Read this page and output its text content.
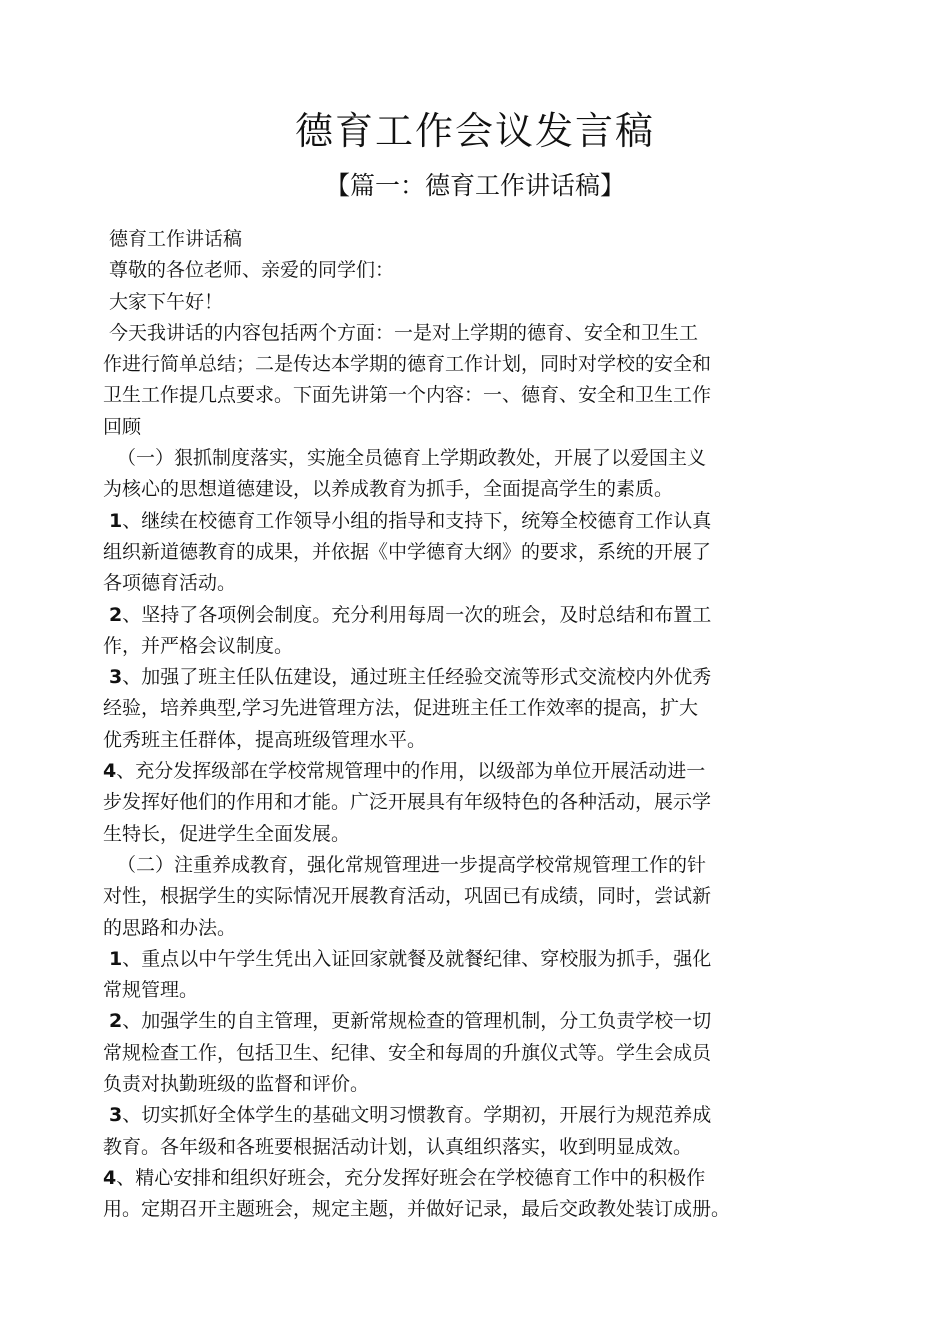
德育工作会议发言稿
【篇一：德育工作讲话稿】
德育工作讲话稿
尊敬的各位老师、亲爱的同学们：
大家下午好！
今天我讲话的内容包括两个方面：一是对上学期的德育、安全和卫生工
作进行简单总结；二是传达本学期的德育工作计划，同时对学校的安全和
卫生工作提几点要求。下面先讲第一个内容：一、德育、安全和卫生工作
回顾
（一）狠抓制度落实，实施全员德育上学期政教处，开展了以爱国主义
为核心的思想道德建设，以养成教育为抓手，全面提高学生的素质。
1、继续在校德育工作领导小组的指导和支持下，统筹全校德育工作认真
组织新道德教育的成果，并依据《中学德育大纲》的要求，系统的开展了
各项德育活动。
2、坚持了各项例会制度。充分利用每周一次的班会，及时总结和布置工
作，并严格会议制度。
3、加强了班主任队伍建设，通过班主任经验交流等形式交流校内外优秀
经验，培养典型,学习先进管理方法，促进班主任工作效率的提高，扩大
优秀班主任群体，提高班级管理水平。
4、充分发挥级部在学校常规管理中的作用，以级部为单位开展活动进一
步发挥好他们的作用和才能。广泛开展具有年级特色的各种活动，展示学
生特长，促进学生全面发展。
（二）注重养成教育，强化常规管理进一步提高学校常规管理工作的针
对性，根据学生的实际情况开展教育活动，巩固已有成绩，同时，尝试新
的思路和办法。
1、重点以中午学生凭出入证回家就餐及就餐纪律、穿校服为抓手，强化
常规管理。
2、加强学生的自主管理，更新常规检查的管理机制，分工负责学校一切
常规检查工作，包括卫生、纪律、安全和每周的升旗仪式等。学生会成员
负责对执勤班级的监督和评价。
3、切实抓好全体学生的基础文明习惯教育。学期初，开展行为规范养成
教育。各年级和各班要根据活动计划，认真组织落实，收到明显成效。
4、精心安排和组织好班会，充分发挥好班会在学校德育工作中的积极作
用。定期召开主题班会，规定主题，并做好记录，最后交政教处装订成册。
